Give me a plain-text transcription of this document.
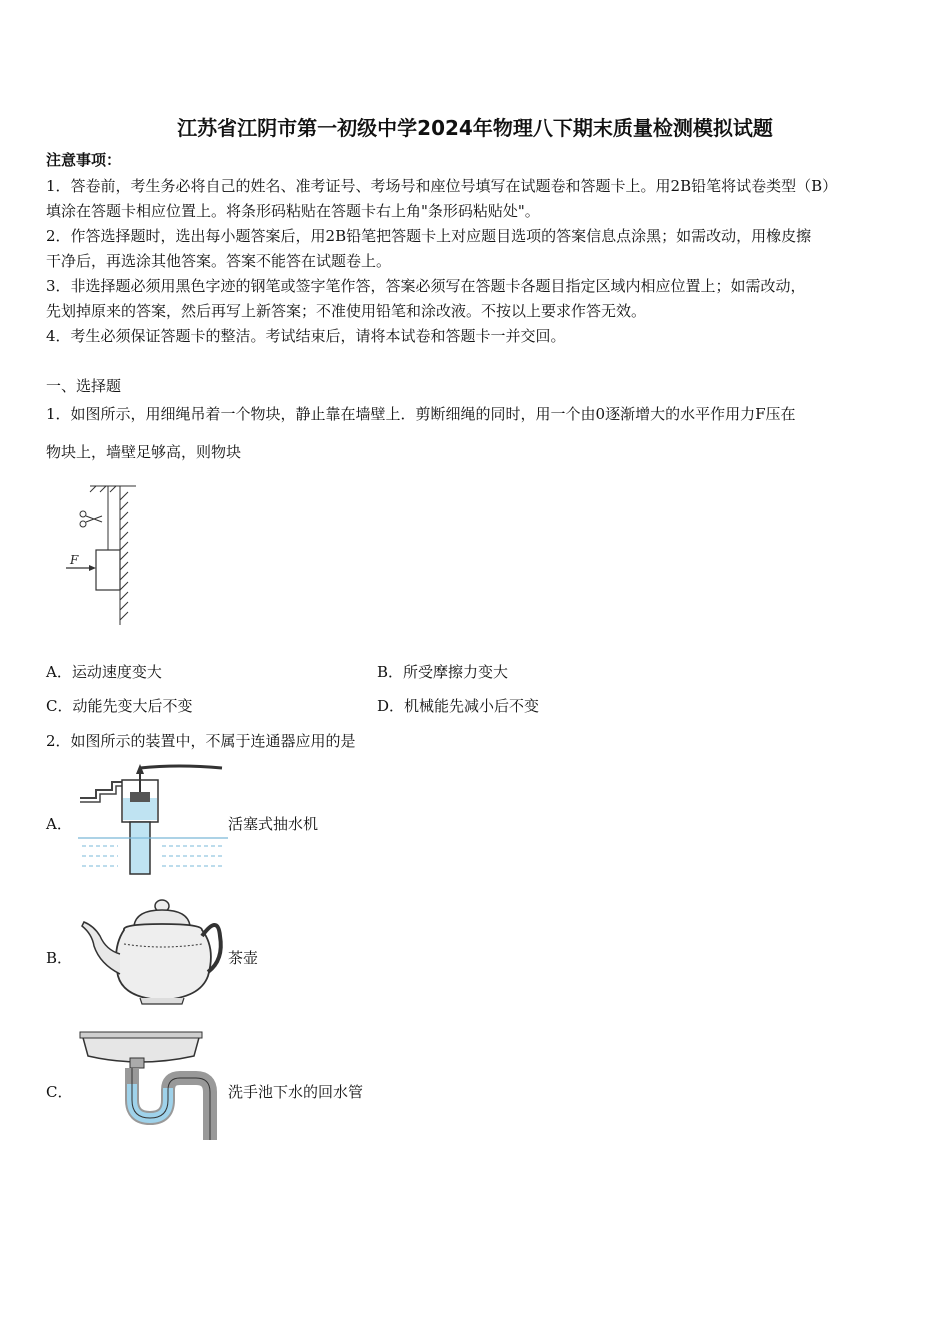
江苏省江阴市第一初级中学2024年物理八下期末质量检测模拟试题
注意事项：
1．答卷前，考生务必将自己的姓名、准考证号、考场号和座位号填写在试题卷和答题卡上。用2B铅笔将试卷类型（B）
填涂在答题卡相应位置上。将条形码粘贴在答题卡右上角"条形码粘贴处"。
2．作答选择题时，选出每小题答案后，用2B铅笔把答题卡上对应题目选项的答案信息点涂黑；如需改动，用橡皮擦
干净后，再选涂其他答案。答案不能答在试题卷上。
3．非选择题必须用黑色字迹的钢笔或签字笔作答，答案必须写在答题卡各题目指定区域内相应位置上；如需改动，
先划掉原来的答案，然后再写上新答案；不准使用铅笔和涂改液。不按以上要求作答无效。
4．考生必须保证答题卡的整洁。考试结束后，请将本试卷和答题卡一并交回。
一、选择题
1．如图所示，用细绳吊着一个物块，静止靠在墙壁上．剪断细绳的同时，用一个由0逐渐增大的水平作用力F压在
物块上，墙壁足够高，则物块
F
A．运动速度变大	B．所受摩擦力变大
C．动能先变大后不变	D．机械能先减小后不变
2．如图所示的装置中，不属于连通器应用的是
A．	活塞式抽水机
B．	茶壶
C．	洗手池下水的回水管
